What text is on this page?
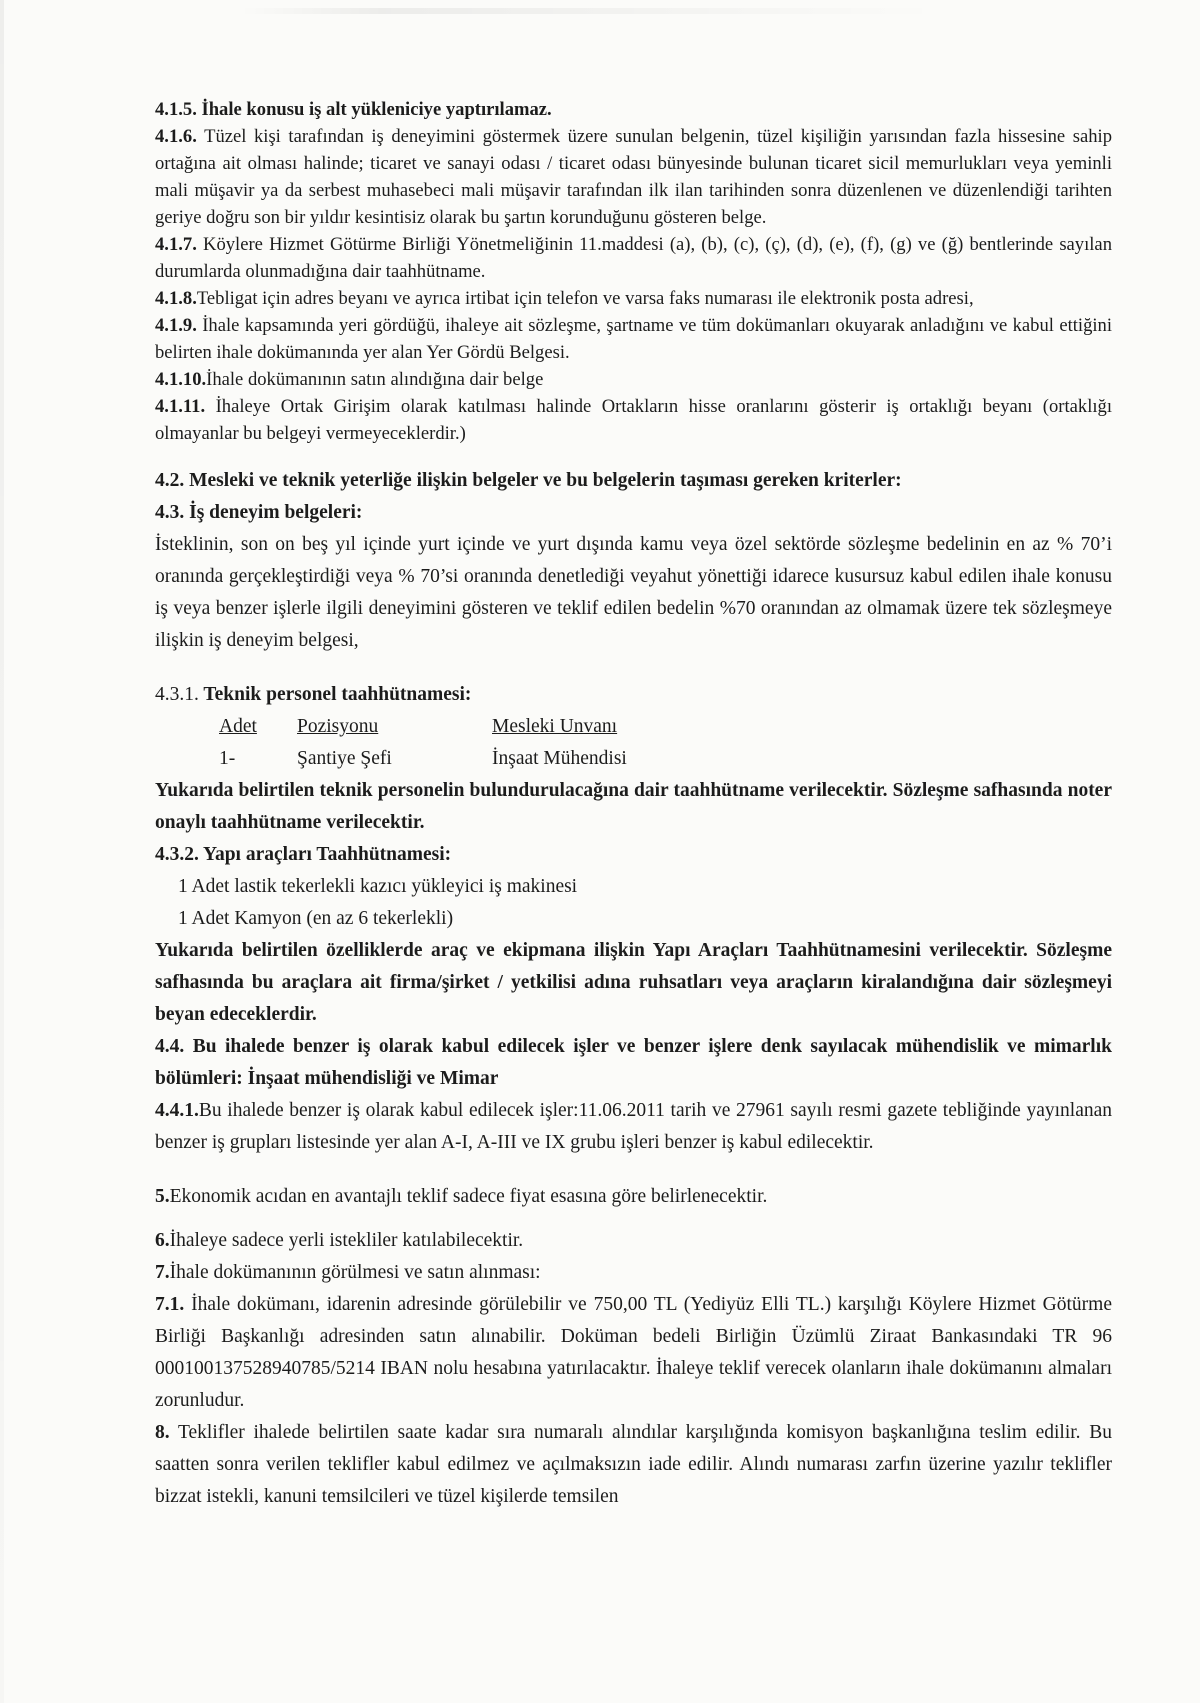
4.1.5. İhale konusu iş alt yükleniciye yaptırılamaz.

4.1.6. Tüzel kişi tarafından iş deneyimini göstermek üzere sunulan belgenin, tüzel kişiliğin yarısından fazla hissesine sahip ortağına ait olması halinde; ticaret ve sanayi odası / ticaret odası bünyesinde bulunan ticaret sicil memurlukları veya yeminli mali müşavir ya da serbest muhasebeci mali müşavir tarafından ilk ilan tarihinden sonra düzenlenen ve düzenlendiği tarihten geriye doğru son bir yıldır kesintisiz olarak bu şartın korunduğunu gösteren belge.

4.1.7. Köylere Hizmet Götürme Birliği Yönetmeliğinin 11.maddesi (a), (b), (c), (ç), (d), (e), (f), (g) ve (ğ) bentlerinde sayılan durumlarda olunmadığına dair taahhütname.

4.1.8.Tebligat için adres beyanı ve ayrıca irtibat için telefon ve varsa faks numarası ile elektronik posta adresi,

4.1.9. İhale kapsamında yeri gördüğü, ihaleye ait sözleşme, şartname ve tüm dokümanları okuyarak anladığını ve kabul ettiğini belirten ihale dokümanında yer alan Yer Gördü Belgesi.

4.1.10.İhale dokümanının satın alındığına dair belge

4.1.11. İhaleye Ortak Girişim olarak katılması halinde Ortakların hisse oranlarını gösterir iş ortaklığı beyanı (ortaklığı olmayanlar bu belgeyi vermeyeceklerdir.)

4.2. Mesleki ve teknik yeterliğe ilişkin belgeler ve bu belgelerin taşıması gereken kriterler:

4.3. İş deneyim belgeleri:

İsteklinin, son on beş yıl içinde yurt içinde ve yurt dışında kamu veya özel sektörde sözleşme bedelinin en az % 70’i oranında gerçekleştirdiği veya % 70’si oranında denetlediği veyahut yönettiği idarece kusursuz kabul edilen ihale konusu iş veya benzer işlerle ilgili deneyimini gösteren ve teklif edilen bedelin %70 oranından az olmamak üzere tek sözleşmeye ilişkin iş deneyim belgesi,

4.3.1. Teknik personel taahhütnamesi:

Adet	Pozisyonu	Mesleki Unvanı
1-	Şantiye Şefi	İnşaat Mühendisi

Yukarıda belirtilen teknik personelin bulundurulacağına dair taahhütname verilecektir. Sözleşme safhasında noter onaylı taahhütname verilecektir.

4.3.2. Yapı araçları Taahhütnamesi:

1 Adet lastik tekerlekli kazıcı yükleyici iş makinesi

1 Adet Kamyon (en az 6 tekerlekli)

Yukarıda belirtilen özelliklerde araç ve ekipmana ilişkin Yapı Araçları Taahhütnamesini verilecektir. Sözleşme safhasında bu araçlara ait firma/şirket / yetkilisi adına ruhsatları veya araçların kiralandığına dair sözleşmeyi beyan edeceklerdir.

4.4. Bu ihalede benzer iş olarak kabul edilecek işler ve benzer işlere denk sayılacak mühendislik ve mimarlık bölümleri: İnşaat mühendisliği ve Mimar

4.4.1.Bu ihalede benzer iş olarak kabul edilecek işler:11.06.2011 tarih ve 27961 sayılı resmi gazete tebliğinde yayınlanan benzer iş grupları listesinde yer alan A-I, A-III ve IX grubu işleri benzer iş kabul edilecektir.

5.Ekonomik acıdan en avantajlı teklif sadece fiyat esasına göre belirlenecektir.

6.İhaleye sadece yerli istekliler katılabilecektir.

7.İhale dokümanının görülmesi ve satın alınması:

7.1. İhale dokümanı, idarenin adresinde görülebilir ve 750,00 TL (Yediyüz Elli TL.) karşılığı Köylere Hizmet Götürme Birliği Başkanlığı adresinden satın alınabilir. Doküman bedeli Birliğin Üzümlü Ziraat Bankasındaki TR 96 000100137528940785/5214 IBAN nolu hesabına yatırılacaktır. İhaleye teklif verecek olanların ihale dokümanını almaları zorunludur.

8. Teklifler ihalede belirtilen saate kadar sıra numaralı alındılar karşılığında komisyon başkanlığına teslim edilir. Bu saatten sonra verilen teklifler kabul edilmez ve açılmaksızın iade edilir. Alındı numarası zarfın üzerine yazılır teklifler bizzat istekli, kanuni temsilcileri ve tüzel kişilerde temsilen
